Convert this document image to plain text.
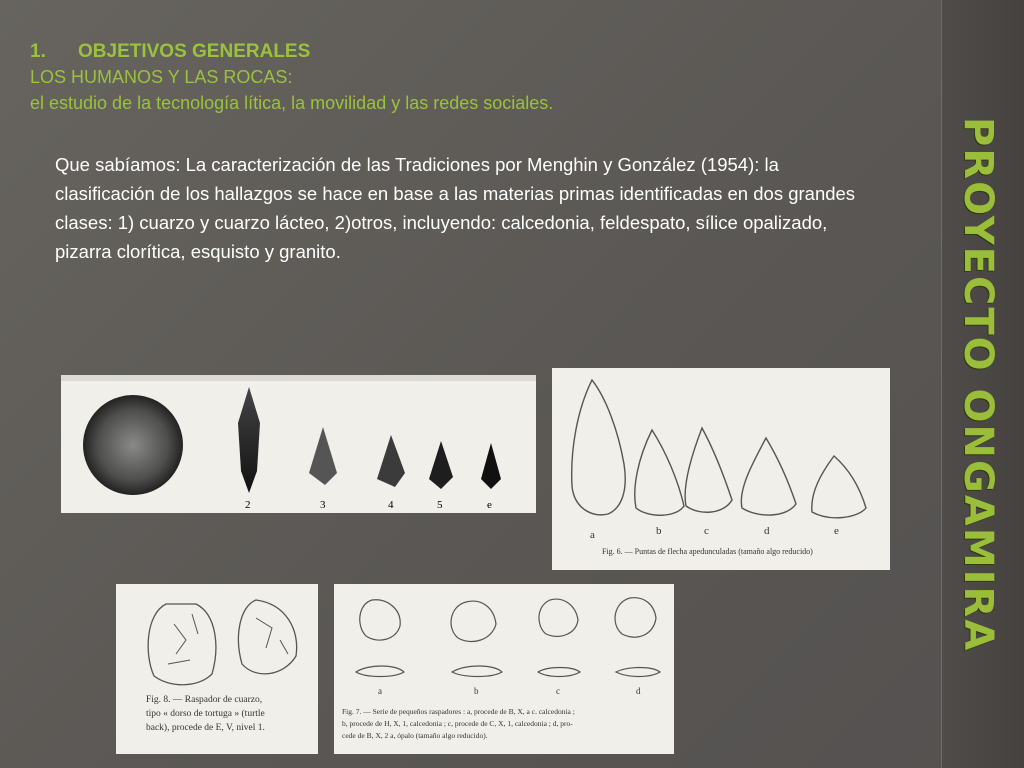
PROYECTO ONGAMIRA
1. OBJETIVOS GENERALES
LOS HUMANOS Y LAS ROCAS:
el estudio de la tecnología lítica, la movilidad y las redes sociales.
Que sabíamos: La caracterización de las Tradiciones por Menghin y González (1954): la clasificación de los hallazgos se hace en base a las materias primas identificadas en dos grandes clases: 1) cuarzo y cuarzo lácteo, 2)otros, incluyendo: calcedonia, feldespato, sílice opalizado, pizarra clorítica, esquisto y granito.
2	3	4	5	e
a	b	c	d	e
Fig. 6. — Puntas de flecha apedunculadas (tamaño algo reducido)
Fig. 8. — Raspador de cuarzo,
tipo « dorso de tortuga » (turtle
back), procede de E, V, nivel 1.
a	b	c	d
Fig. 7. — Serie de pequeños raspadores : a, procede de B, X, a c. calcedonia ;
b, procede de H, X, 1, calcedonia ; c, procede de C, X, 1, calcedonia ; d, pro-
cede de B, X, 2 a, ópalo (tamaño algo reducido).
